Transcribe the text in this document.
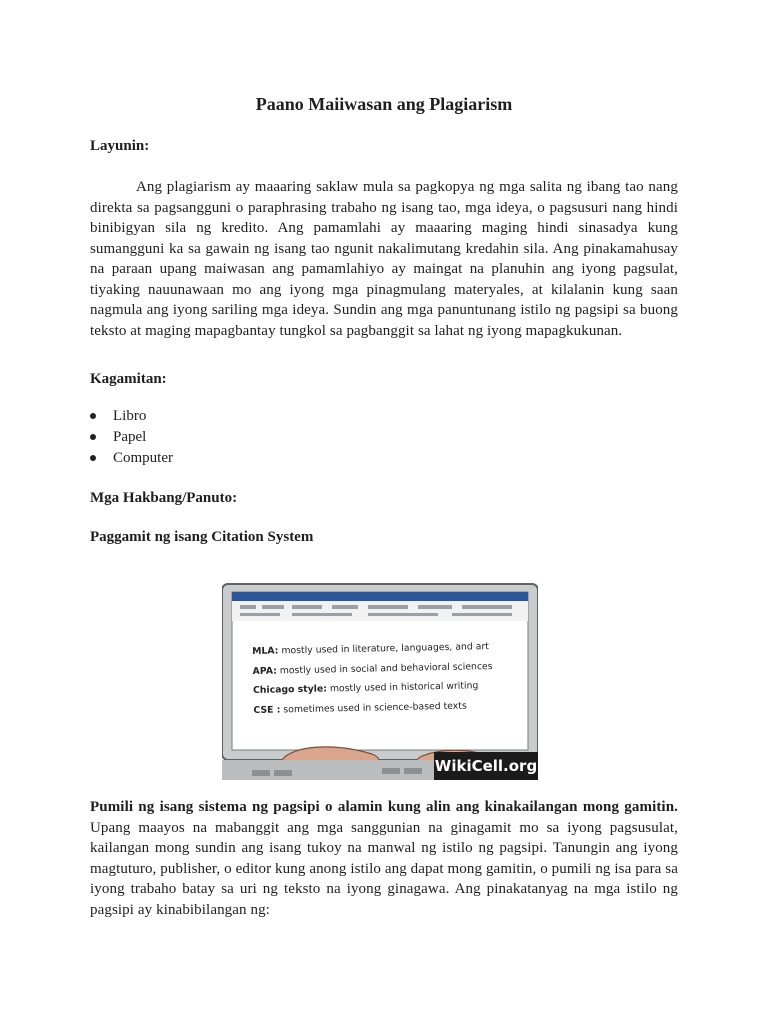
Paano Maiiwasan ang Plagiarism
Layunin:
Ang plagiarism ay maaaring saklaw mula sa pagkopya ng mga salita ng ibang tao nang direkta sa pagsangguni o paraphrasing trabaho ng isang tao, mga ideya, o pagsusuri nang hindi binibigyan sila ng kredito. Ang pamamlahi ay maaaring maging hindi sinasadya kung sumangguni ka sa gawain ng isang tao ngunit nakalimutang kredahin sila. Ang pinakamahusay na paraan upang maiwasan ang pamamlahiyo ay maingat na planuhin ang iyong pagsulat, tiyaking nauunawaan mo ang iyong mga pinagmulang materyales, at kilalanin kung saan nagmula ang iyong sariling mga ideya. Sundin ang mga panuntunang istilo ng pagsipi sa buong teksto at maging mapagbantay tungkol sa pagbanggit sa lahat ng iyong mapagkukunan.
Kagamitan:
Libro
Papel
Computer
Mga Hakbang/Panuto:
Paggamit ng isang Citation System
MLA: mostly used in literature, languages, and art
APA: mostly used in social and behavioral sciences
Chicago style: mostly used in historical writing
CSE : sometimes used in science-based texts
WikiCell.org
Pumili ng isang sistema ng pagsipi o alamin kung alin ang kinakailangan mong gamitin. Upang maayos na mabanggit ang mga sanggunian na ginagamit mo sa iyong pagsusulat, kailangan mong sundin ang isang tukoy na manwal ng istilo ng pagsipi. Tanungin ang iyong magtuturo, publisher, o editor kung anong istilo ang dapat mong gamitin, o pumili ng isa para sa iyong trabaho batay sa uri ng teksto na iyong ginagawa. Ang pinakatanyag na mga istilo ng pagsipi ay kinabibilangan ng:
